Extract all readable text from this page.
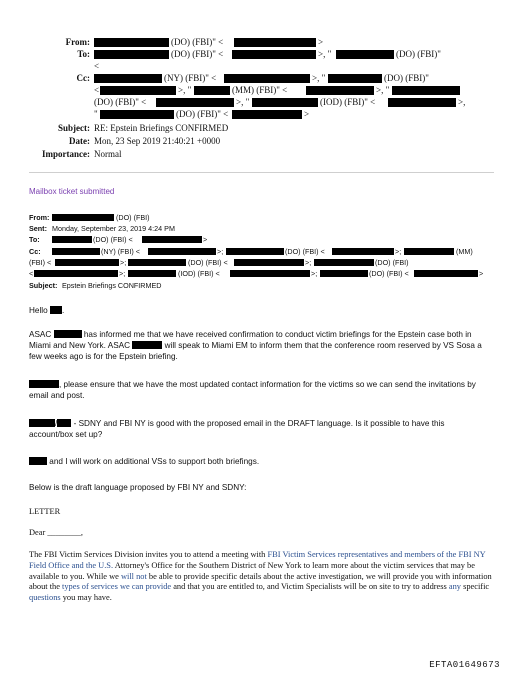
From:	(DO) (FBI)" <	>
To:	(DO) (FBI)" <	>, "	(DO) (FBI)"
<
Cc:	(NY) (FBI)" <	>, "	(DO) (FBI)"
<	>, "	(MM) (FBI)" <	>, "
(DO) (FBI)" <	>, "	(IOD) (FBI)" <	>,
"	(DO) (FBI)" <	>
Subject: RE: Epstein Briefings CONFIRMED
Date: Mon, 23 Sep 2019 21:40:21 +0000
Importance: Normal
Mailbox ticket submitted
From:	(DO) (FBI)
Sent: Monday, September 23, 2019 4:24 PM
To:	(DO) (FBI) <	>
Cc:	(NY) (FBI) <	>;	(DO) (FBI) <	>;	(MM)
(FBI) <	>;	(DO) (FBI) <	>;	(DO) (FBI)
<	>;	(IOD) (FBI) <	>;	(DO) (FBI) <	>
Subject: Epstein Briefings CONFIRMED
Hello .
ASAC	has informed me that we have received confirmation to conduct victim briefings for the Epstein case both in Miami and New York. ASAC	will speak to Miami EM to inform them that the conference room reserved by VS Sosa a few weeks ago is for the Epstein briefing.
, please ensure that we have the most updated contact information for the victims so we can send the invitations by email and post.
/ - SDNY and FBI NY is good with the proposed email in the DRAFT language. Is it possible to have this account/box set up?
and I will work on additional VSs to support both briefings.
Below is the draft language proposed by FBI NY and SDNY:
LETTER
Dear ________,
The FBI Victim Services Division invites you to attend a meeting with FBI Victim Services representatives and members of the FBI NY Field Office and the U.S. Attorney's Office for the Southern District of New York to learn more about the victim services that may be available to you. While we will not be able to provide specific details about the active investigation, we will provide you with information about the types of services we can provide and that you are entitled to, and Victim Specialists will be on site to try to address any specific questions you may have.
EFTA01649673
